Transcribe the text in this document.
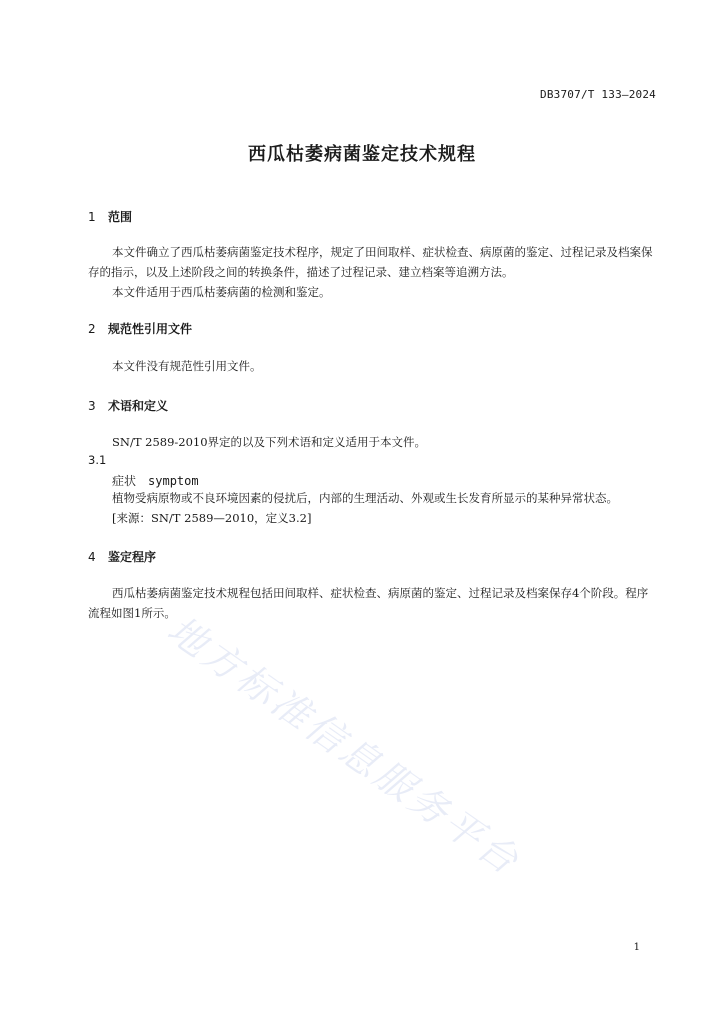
DB3707/T 133—2024
西瓜枯萎病菌鉴定技术规程
1 范围
本文件确立了西瓜枯萎病菌鉴定技术程序，规定了田间取样、症状检查、病原菌的鉴定、过程记录及档案保存的指示，以及上述阶段之间的转换条件，描述了过程记录、建立档案等追溯方法。
本文件适用于西瓜枯萎病菌的检测和鉴定。
2 规范性引用文件
本文件没有规范性引用文件。
3 术语和定义
SN/T 2589-2010界定的以及下列术语和定义适用于本文件。
3.1
症状 symptom
植物受病原物或不良环境因素的侵扰后，内部的生理活动、外观或生长发育所显示的某种异常状态。
[来源：SN/T 2589—2010，定义3.2]
4 鉴定程序
西瓜枯萎病菌鉴定技术规程包括田间取样、症状检查、病原菌的鉴定、过程记录及档案保存4个阶段。程序流程如图1所示。
地方标准信息服务平台
1
